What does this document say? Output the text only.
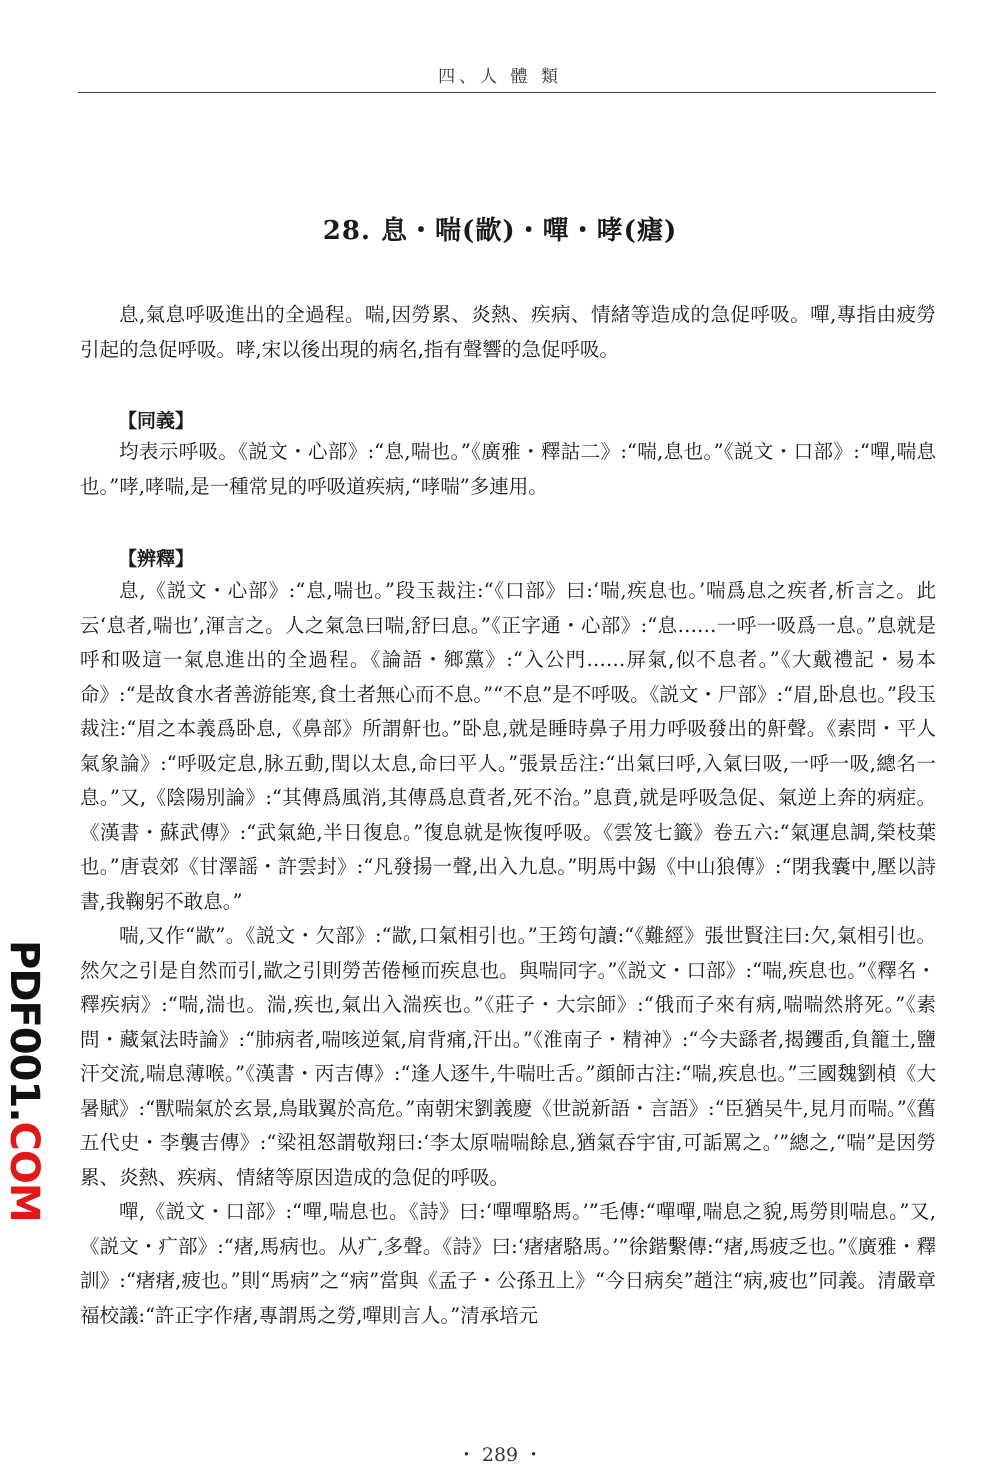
四、人 體 類
28. 息・喘(歂)・嘽・哮(瘧)

息,氣息呼吸進出的全過程。喘,因勞累、炎熱、疾病、情緒等造成的急促呼吸。嘽,專指由疲勞引起的急促呼吸。哮,宋以後出現的病名,指有聲響的急促呼吸。

【同義】

均表示呼吸。《説文・心部》:“息,喘也。”《廣雅・釋詁二》:“喘,息也。”《説文・口部》:“嘽,喘息也。”哮,哮喘,是一種常見的呼吸道疾病,“哮喘”多連用。

【辨釋】

息,《説文・心部》:“息,喘也。”段玉裁注:“《口部》曰:‘喘,疾息也。’喘爲息之疾者,析言之。此云‘息者,喘也’,渾言之。人之氣急曰喘,舒曰息。”《正字通・心部》:“息……一呼一吸爲一息。”息就是呼和吸這一氣息進出的全過程。《論語・鄉黨》:“入公門……屏氣,似不息者。”《大戴禮記・易本命》:“是故食水者善游能寒,食土者無心而不息。”“不息”是不呼吸。《説文・尸部》:“眉,卧息也。”段玉裁注:“眉之本義爲卧息,《鼻部》所謂鼾也。”卧息,就是睡時鼻子用力呼吸發出的鼾聲。《素問・平人氣象論》:“呼吸定息,脉五動,閏以太息,命曰平人。”張景岳注:“出氣曰呼,入氣曰吸,一呼一吸,總名一息。”又,《陰陽別論》:“其傳爲風消,其傳爲息賁者,死不治。”息賁,就是呼吸急促、氣逆上奔的病症。《漢書・蘇武傳》:“武氣絶,半日復息。”復息就是恢復呼吸。《雲笈七籤》卷五六:“氣運息調,榮枝葉也。”唐袁郊《甘澤謡・許雲封》:“凡發揚一聲,出入九息。”明馬中錫《中山狼傳》:“閉我囊中,壓以詩書,我鞠躬不敢息。”

喘,又作“歂”。《説文・欠部》:“歂,口氣相引也。”王筠句讀:“《難經》張世賢注曰:欠,氣相引也。然欠之引是自然而引,歂之引則勞苦倦極而疾息也。與喘同字。”《説文・口部》:“喘,疾息也。”《釋名・釋疾病》:“喘,湍也。湍,疾也,氣出入湍疾也。”《莊子・大宗師》:“俄而子來有病,喘喘然將死。”《素問・藏氣法時論》:“肺病者,喘咳逆氣,肩背痛,汗出。”《淮南子・精神》:“今夫繇者,揭钁臿,負籠土,鹽汗交流,喘息薄喉。”《漢書・丙吉傳》:“逢人逐牛,牛喘吐舌。”顔師古注:“喘,疾息也。”三國魏劉楨《大暑賦》:“獸喘氣於玄景,鳥戢翼於高危。”南朝宋劉義慶《世説新語・言語》:“臣猶吴牛,見月而喘。”《舊五代史・李襲吉傳》:“梁祖怒謂敬翔曰:‘李太原喘喘餘息,猶氣吞宇宙,可詬罵之。’”總之,“喘”是因勞累、炎熱、疾病、情緒等原因造成的急促的呼吸。

嘽,《説文・口部》:“嘽,喘息也。《詩》曰:‘嘽嘽駱馬。’”毛傳:“嘽嘽,喘息之貌,馬勞則喘息。”又,《説文・疒部》:“瘏,馬病也。从疒,多聲。《詩》曰:‘瘏瘏駱馬。’”徐鍇繫傳:“瘏,馬疲乏也。”《廣雅・釋訓》:“瘏瘏,疲也。”則“馬病”之“病”當與《孟子・公孫丑上》“今日病矣”趙注“病,疲也”同義。清嚴章福校議:“許正字作瘏,專謂馬之勞,嘽則言人。”清承培元

PDF001.COM
・ 289 ・
